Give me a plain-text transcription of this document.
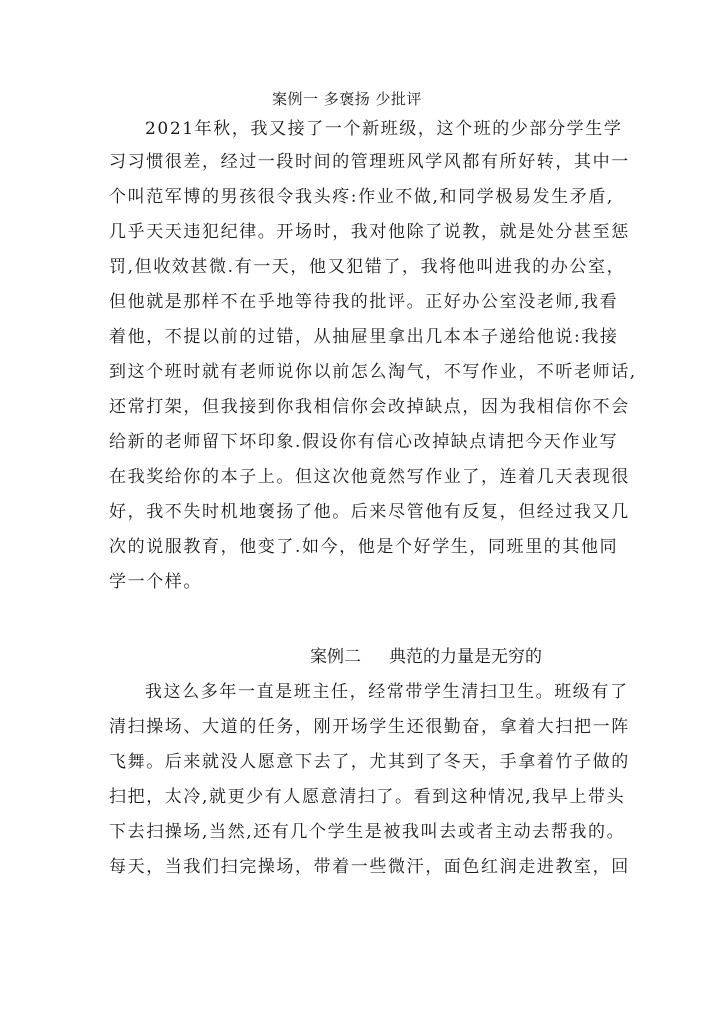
案例一 多褒扬 少批评
2021年秋，我又接了一个新班级，这个班的少部分学生学
习习惯很差，经过一段时间的管理班风学风都有所好转，其中一
个叫范军博的男孩很令我头疼:作业不做,和同学极易发生矛盾,
几乎天天违犯纪律。开场时，我对他除了说教，就是处分甚至惩
罚,但收效甚微.有一天，他又犯错了，我将他叫进我的办公室，
但他就是那样不在乎地等待我的批评。正好办公室没老师,我看
着他，不提以前的过错，从抽屉里拿出几本本子递给他说:我接
到这个班时就有老师说你以前怎么淘气，不写作业，不听老师话,
还常打架，但我接到你我相信你会改掉缺点，因为我相信你不会
给新的老师留下坏印象.假设你有信心改掉缺点请把今天作业写
在我奖给你的本子上。但这次他竟然写作业了，连着几天表现很
好，我不失时机地褒扬了他。后来尽管他有反复，但经过我又几
次的说服教育，他变了.如今，他是个好学生，同班里的其他同
学一个样。
案例二 典范的力量是无穷的
我这么多年一直是班主任，经常带学生清扫卫生。班级有了
清扫操场、大道的任务，刚开场学生还很勤奋，拿着大扫把一阵
飞舞。后来就没人愿意下去了，尤其到了冬天，手拿着竹子做的
扫把，太冷,就更少有人愿意清扫了。看到这种情况,我早上带头
下去扫操场,当然,还有几个学生是被我叫去或者主动去帮我的。
每天，当我们扫完操场，带着一些微汗，面色红润走进教室，回
